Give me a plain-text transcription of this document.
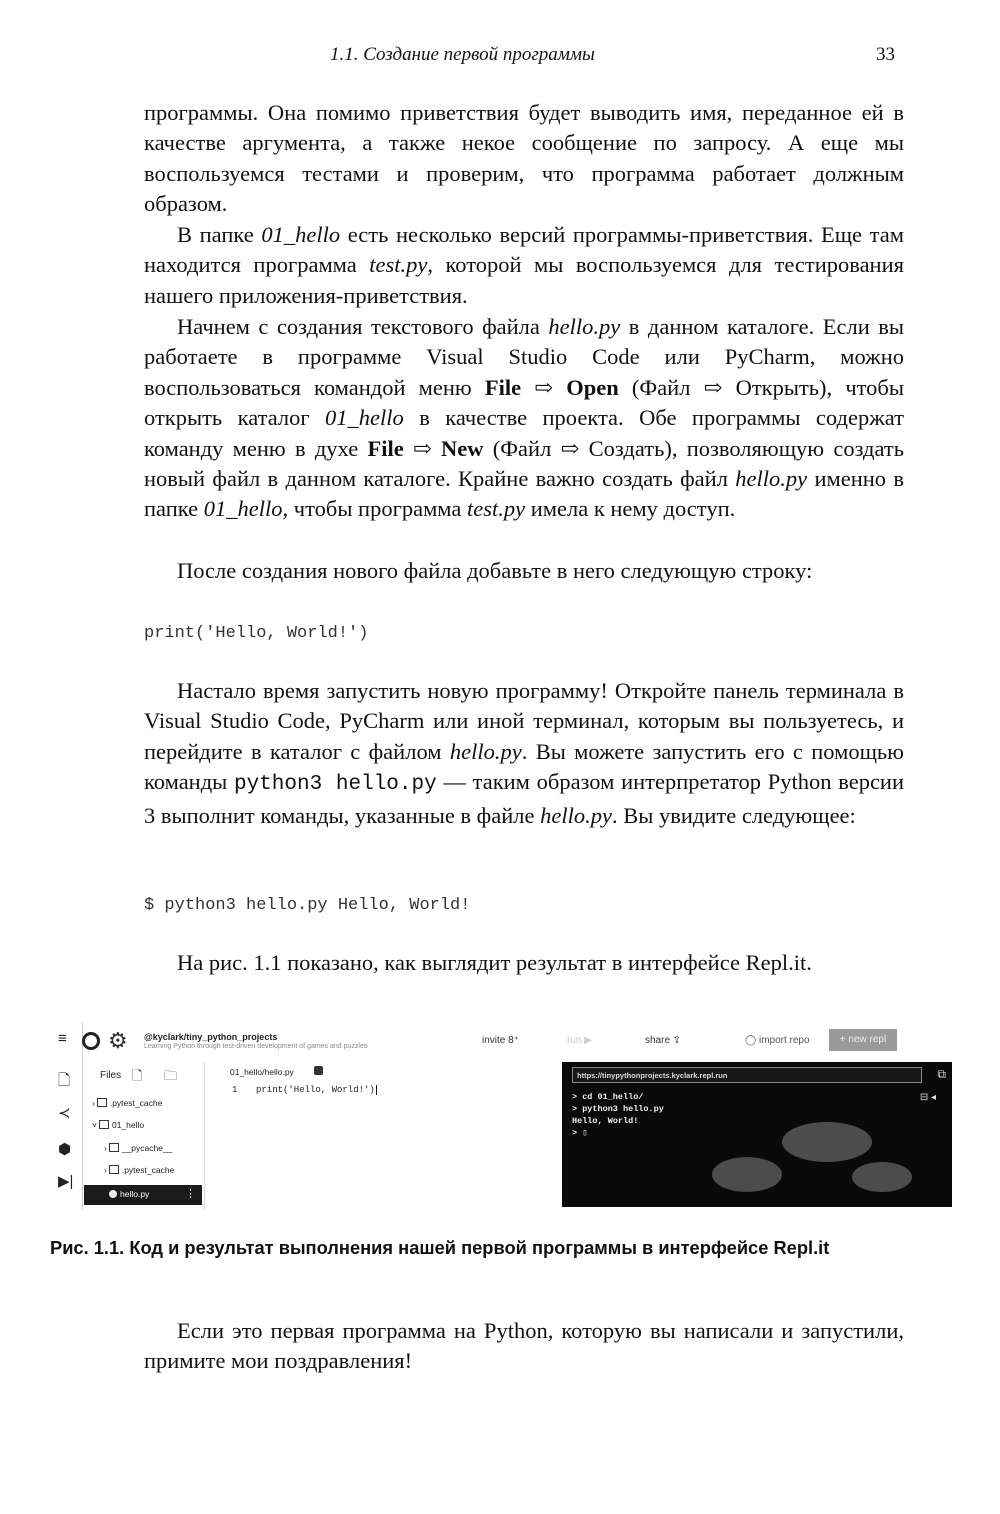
1.1. Создание первой программы	33

программы. Она помимо приветствия будет выводить имя, переданное ей в качестве аргумента, а также некое сообщение по запросу. А еще мы воспользуемся тестами и проверим, что программа работает должным образом.

В папке 01_hello есть несколько версий программы-приветствия. Еще там находится программа test.py, которой мы воспользуемся для тестирования нашего приложения-приветствия.

Начнем с создания текстового файла hello.py в данном каталоге. Если вы работаете в программе Visual Studio Code или PyCharm, можно воспользоваться командой меню File ⇨ Open (Файл ⇨ Открыть), чтобы открыть каталог 01_hello в качестве проекта. Обе программы содержат команду меню в духе File ⇨ New (Файл ⇨ Создать), позволяющую создать новый файл в данном каталоге. Крайне важно создать файл hello.py именно в папке 01_hello, чтобы программа test.py имела к нему доступ.

После создания нового файла добавьте в него следующую строку:

print('Hello, World!')

Настало время запустить новую программу! Откройте панель терминала в Visual Studio Code, PyCharm или иной терминал, которым вы пользуетесь, и перейдите в каталог с файлом hello.py. Вы можете запустить его с помощью команды python3 hello.py — таким образом интерпретатор Python версии 3 выполнит команды, указанные в файле hello.py. Вы увидите следующее:

$ python3 hello.py Hello, World!

На рис. 1.1 показано, как выглядит результат в интерфейсе Repl.it.

≡
🗋
≺
⬢
▶|
⚙ @kyclark/tiny_python_projects
Learning Python through test-driven development of games and puzzles
Files 🗋 🗀
› .pytest_cache
˅ 01_hello
› __pycache__
› .pytest_cache
hello.py	⋮
01_hello/hello.py
1 print('Hello, World!')
invite 8⁺	run ▶	share ⇪	◯ import repo	+ new repl
https://tinypythonprojects.kyclark.repl.run	⧉
⊟ ◂
> cd 01_hello/
> python3 hello.py
Hello, World!
> ▯
Рис. 1.1. Код и результат выполнения нашей первой программы в интерфейсе Repl.it

Если это первая программа на Python, которую вы написали и запустили, примите мои поздравления!
